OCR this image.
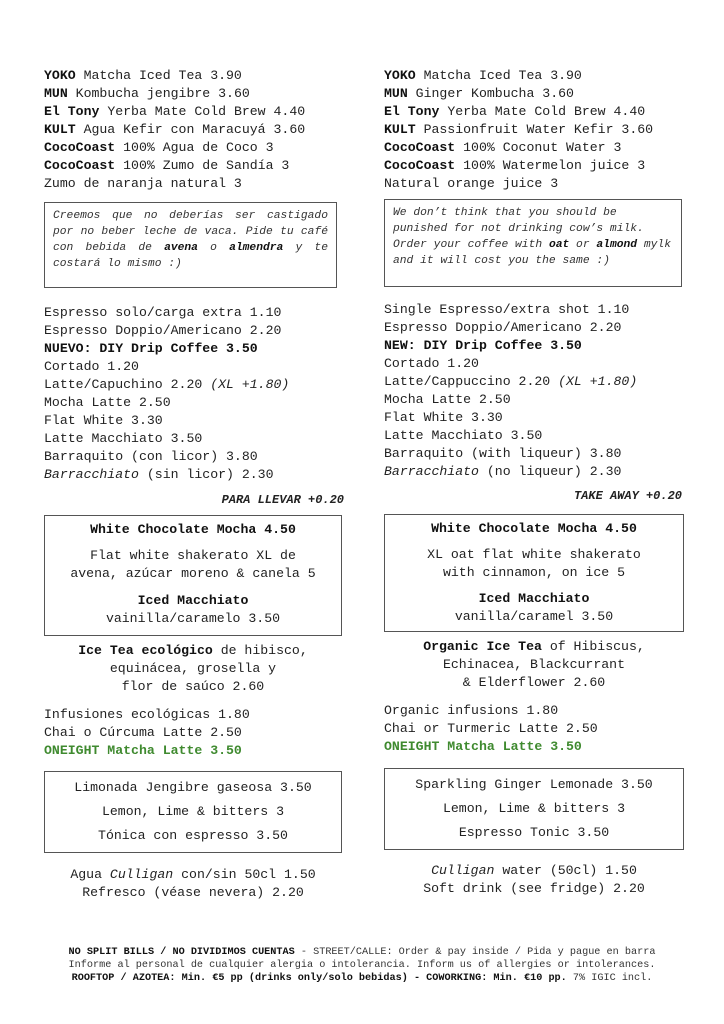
YOKO Matcha Iced Tea 3.90
MUN Kombucha jengibre 3.60
El Tony Yerba Mate Cold Brew 4.40
KULT Agua Kefir con Maracuyá 3.60
CocoCoast 100% Agua de Coco 3
CocoCoast 100% Zumo de Sandía 3
Zumo de naranja natural 3
Creemos que no deberías ser castigado por no beber leche de vaca. Pide tu café con bebida de avena o almendra y te costará lo mismo :)
Espresso solo/carga extra 1.10
Espresso Doppio/Americano 2.20
NUEVO: DIY Drip Coffee 3.50
Cortado 1.20
Latte/Capuchino 2.20 (XL +1.80)
Mocha Latte 2.50
Flat White 3.30
Latte Macchiato 3.50
Barraquito (con licor) 3.80
Barracchiato (sin licor) 2.30
PARA LLEVAR +0.20
White Chocolate Mocha 4.50
Flat white shakerato XL de
avena, azúcar moreno & canela 5
Iced Macchiato
vainilla/caramelo 3.50
Ice Tea ecológico de hibisco,
equinácea, grosella y
flor de saúco 2.60
Infusiones ecológicas 1.80
Chai o Cúrcuma Latte 2.50
ONEIGHT Matcha Latte 3.50
Limonada Jengibre gaseosa 3.50
Lemon, Lime & bitters 3
Tónica con espresso 3.50
Agua Culligan con/sin 50cl 1.50
Refresco (véase nevera) 2.20
YOKO Matcha Iced Tea 3.90
MUN Ginger Kombucha 3.60
El Tony Yerba Mate Cold Brew 4.40
KULT Passionfruit Water Kefir 3.60
CocoCoast 100% Coconut Water 3
CocoCoast 100% Watermelon juice 3
Natural orange juice 3
We don’t think that you should be punished for not drinking cow’s milk. Order your coffee with oat or almond mylk and it will cost you the same :)
Single Espresso/extra shot 1.10
Espresso Doppio/Americano 2.20
NEW: DIY Drip Coffee 3.50
Cortado 1.20
Latte/Cappuccino 2.20 (XL +1.80)
Mocha Latte 2.50
Flat White 3.30
Latte Macchiato 3.50
Barraquito (with liqueur) 3.80
Barracchiato (no liqueur) 2.30
TAKE AWAY +0.20
White Chocolate Mocha 4.50
XL oat flat white shakerato
with cinnamon, on ice 5
Iced Macchiato
vanilla/caramel 3.50
Organic Ice Tea of Hibiscus,
Echinacea, Blackcurrant
& Elderflower 2.60
Organic infusions 1.80
Chai or Turmeric Latte 2.50
ONEIGHT Matcha Latte 3.50
Sparkling Ginger Lemonade 3.50
Lemon, Lime & bitters 3
Espresso Tonic 3.50
Culligan water (50cl) 1.50
Soft drink (see fridge) 2.20
NO SPLIT BILLS / NO DIVIDIMOS CUENTAS - STREET/CALLE: Order & pay inside / Pida y pague en barra
Informe al personal de cualquier alergia o intolerancia. Inform us of allergies or intolerances.
ROOFTOP / AZOTEA: Min. €5 pp (drinks only/solo bebidas) - COWORKING: Min. €10 pp. 7% IGIC incl.
